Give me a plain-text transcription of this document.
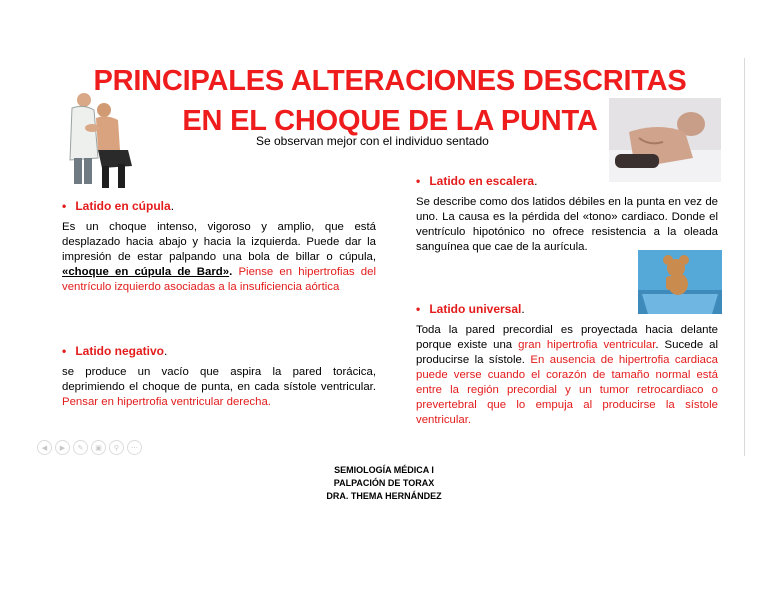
PRINCIPALES ALTERACIONES DESCRITAS
EN EL CHOQUE DE LA PUNTA
Se observan mejor con el individuo sentado
• Latido en cúpula.
Es un choque intenso, vigoroso y amplio, que está desplazado hacia abajo y hacia la izquierda. Puede dar la impresión de estar palpando una bola de billar o cúpula, «choque en cúpula de Bard». Piense en hipertrofias del ventrículo izquierdo asociadas a la insuficiencia aórtica
• Latido negativo.
se produce un vacío que aspira la pared torácica, deprimiendo el choque de punta, en cada sístole ventricular. Pensar en hipertrofia ventricular derecha.
• Latido en escalera.
Se describe como dos latidos débiles en la punta en vez de uno. La causa es la pérdida del «tono» cardiaco. Donde el ventrículo hipotónico no ofrece resistencia a la oleada sanguínea que cae de la aurícula.
• Latido universal.
Toda la pared precordial es proyectada hacia delante porque existe una gran hipertrofia ventricular. Sucede al producirse la sístole. En ausencia de hipertrofia cardiaca puede verse cuando el corazón de tamaño normal está entre la región precordial y un tumor retrocardiaco o prevertebral que lo empuja al producirse la sístole ventricular.
◀	▶	✎	▣	⚲	⋯
SEMIOLOGÍA MÉDICA I
PALPACIÓN DE TORAX
DRA. THEMA HERNÁNDEZ
